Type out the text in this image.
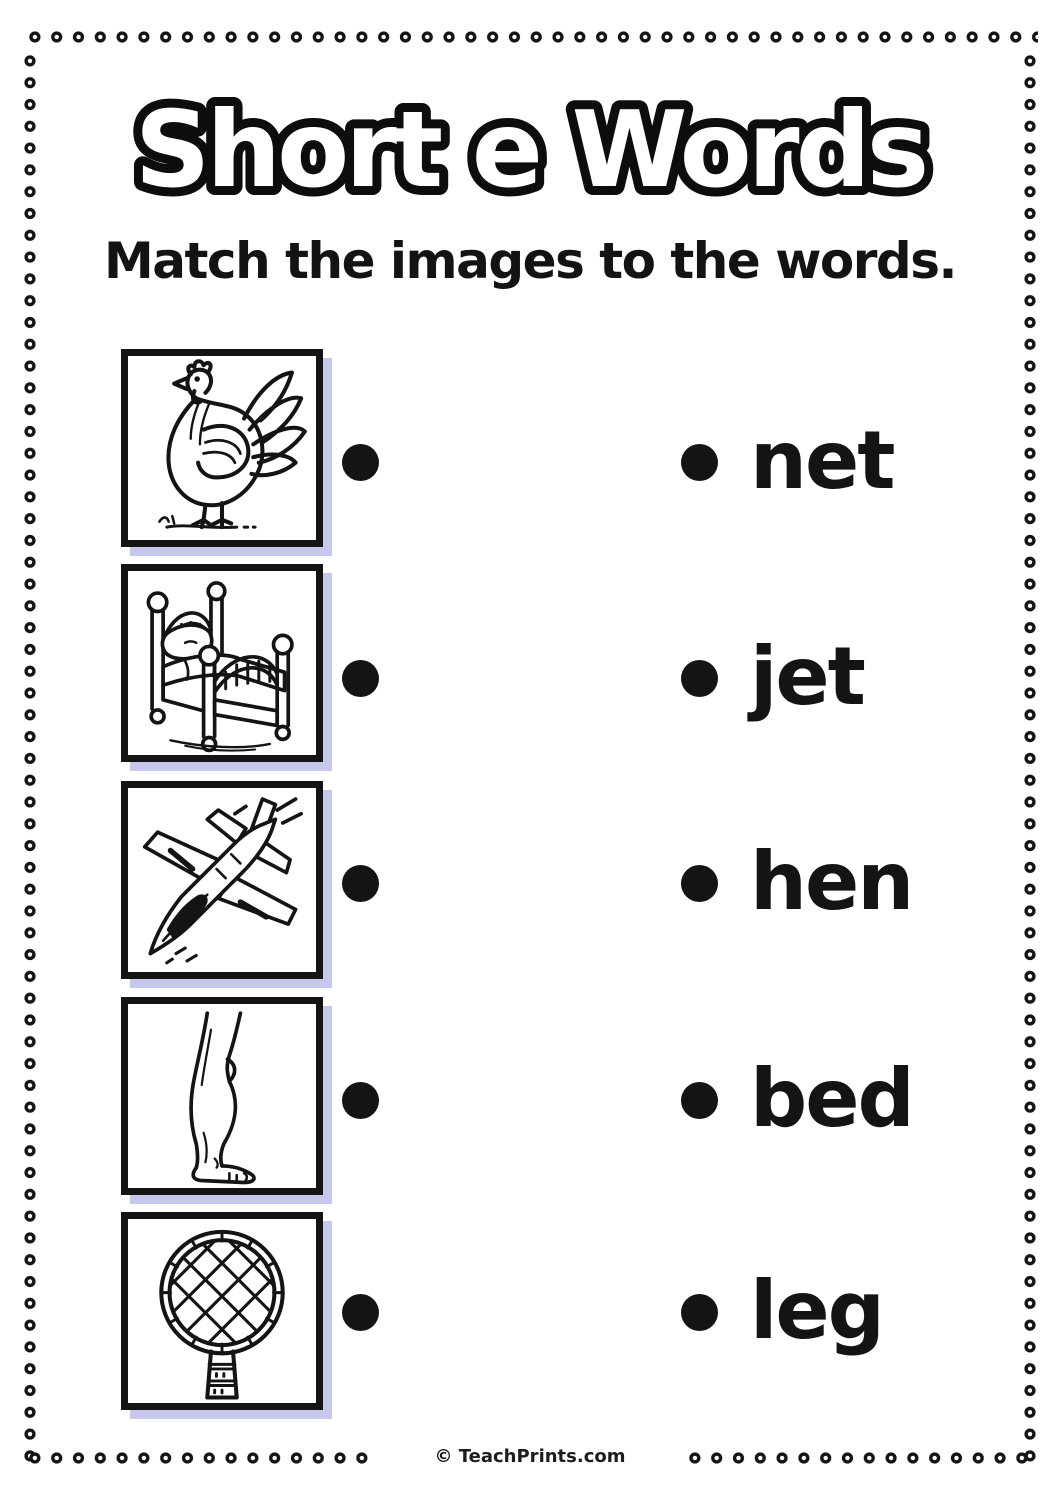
Short e Words
Match the images to the words.
net
jet
hen
bed
leg
© TeachPrints.com
